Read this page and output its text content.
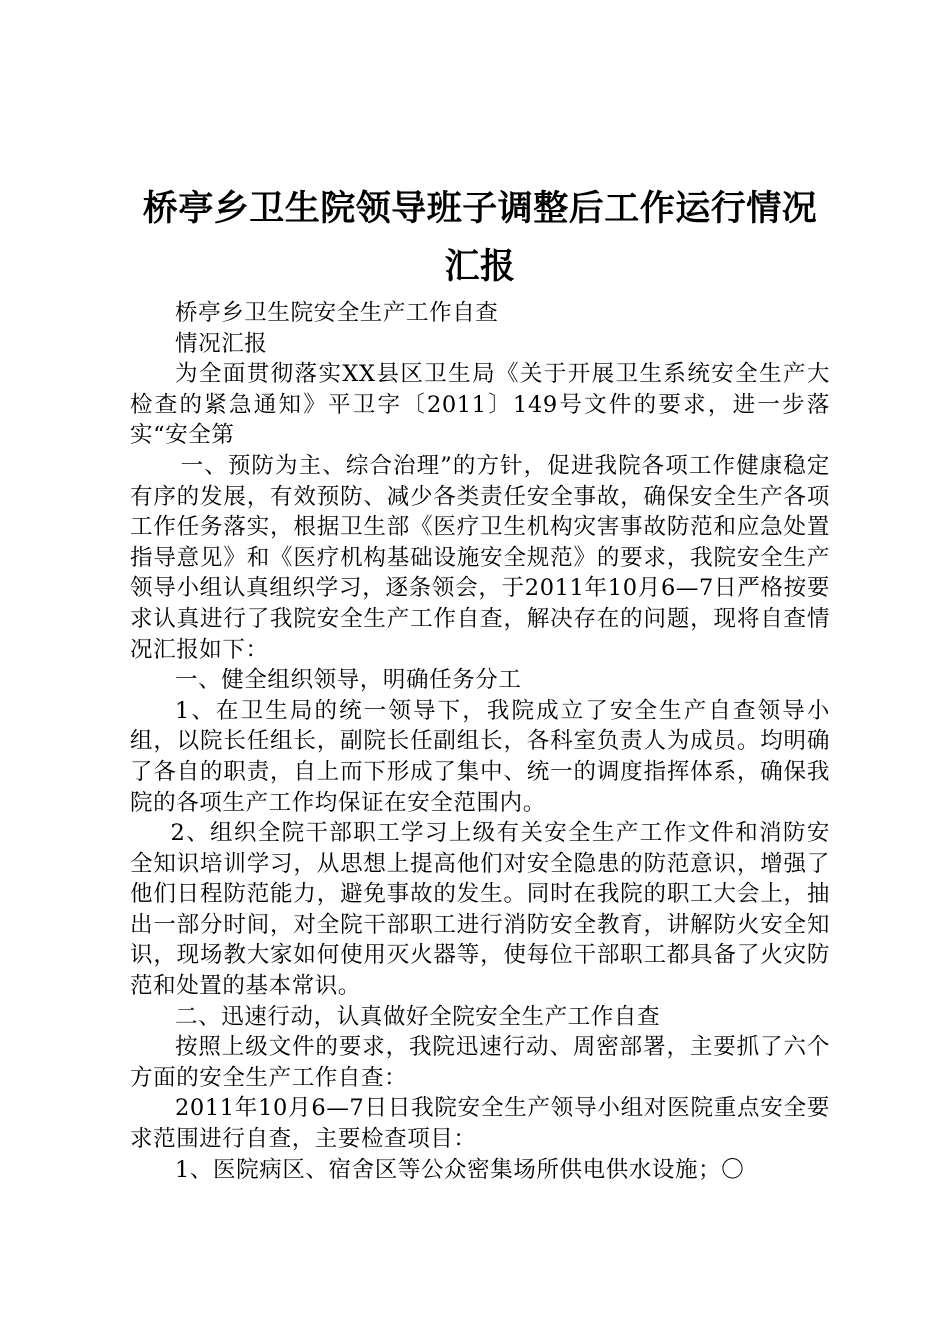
桥亭乡卫生院领导班子调整后工作运行情况汇报

桥亭乡卫生院安全生产工作自查

情况汇报

为全面贯彻落实XX县区卫生局《关于开展卫生系统安全生产大检查的紧急通知》平卫字〔2011〕149号文件的要求，进一步落实“安全第

一、预防为主、综合治理”的方针，促进我院各项工作健康稳定有序的发展，有效预防、减少各类责任安全事故，确保安全生产各项工作任务落实，根据卫生部《医疗卫生机构灾害事故防范和应急处置指导意见》和《医疗机构基础设施安全规范》的要求，我院安全生产领导小组认真组织学习，逐条领会，于2011年10月6—7日严格按要求认真进行了我院安全生产工作自查，解决存在的问题，现将自查情况汇报如下：

一、健全组织领导，明确任务分工

1、在卫生局的统一领导下，我院成立了安全生产自查领导小组，以院长任组长，副院长任副组长，各科室负责人为成员。均明确了各自的职责，自上而下形成了集中、统一的调度指挥体系，确保我院的各项生产工作均保证在安全范围内。

2、组织全院干部职工学习上级有关安全生产工作文件和消防安全知识培训学习，从思想上提高他们对安全隐患的防范意识，增强了他们日程防范能力，避免事故的发生。同时在我院的职工大会上，抽出一部分时间，对全院干部职工进行消防安全教育，讲解防火安全知识，现场教大家如何使用灭火器等，使每位干部职工都具备了火灾防范和处置的基本常识。

二、迅速行动，认真做好全院安全生产工作自查

按照上级文件的要求，我院迅速行动、周密部署，主要抓了六个方面的安全生产工作自查：

2011年10月6—7日日我院安全生产领导小组对医院重点安全要求范围进行自查，主要检查项目：

1、医院病区、宿舍区等公众密集场所供电供水设施；〇
